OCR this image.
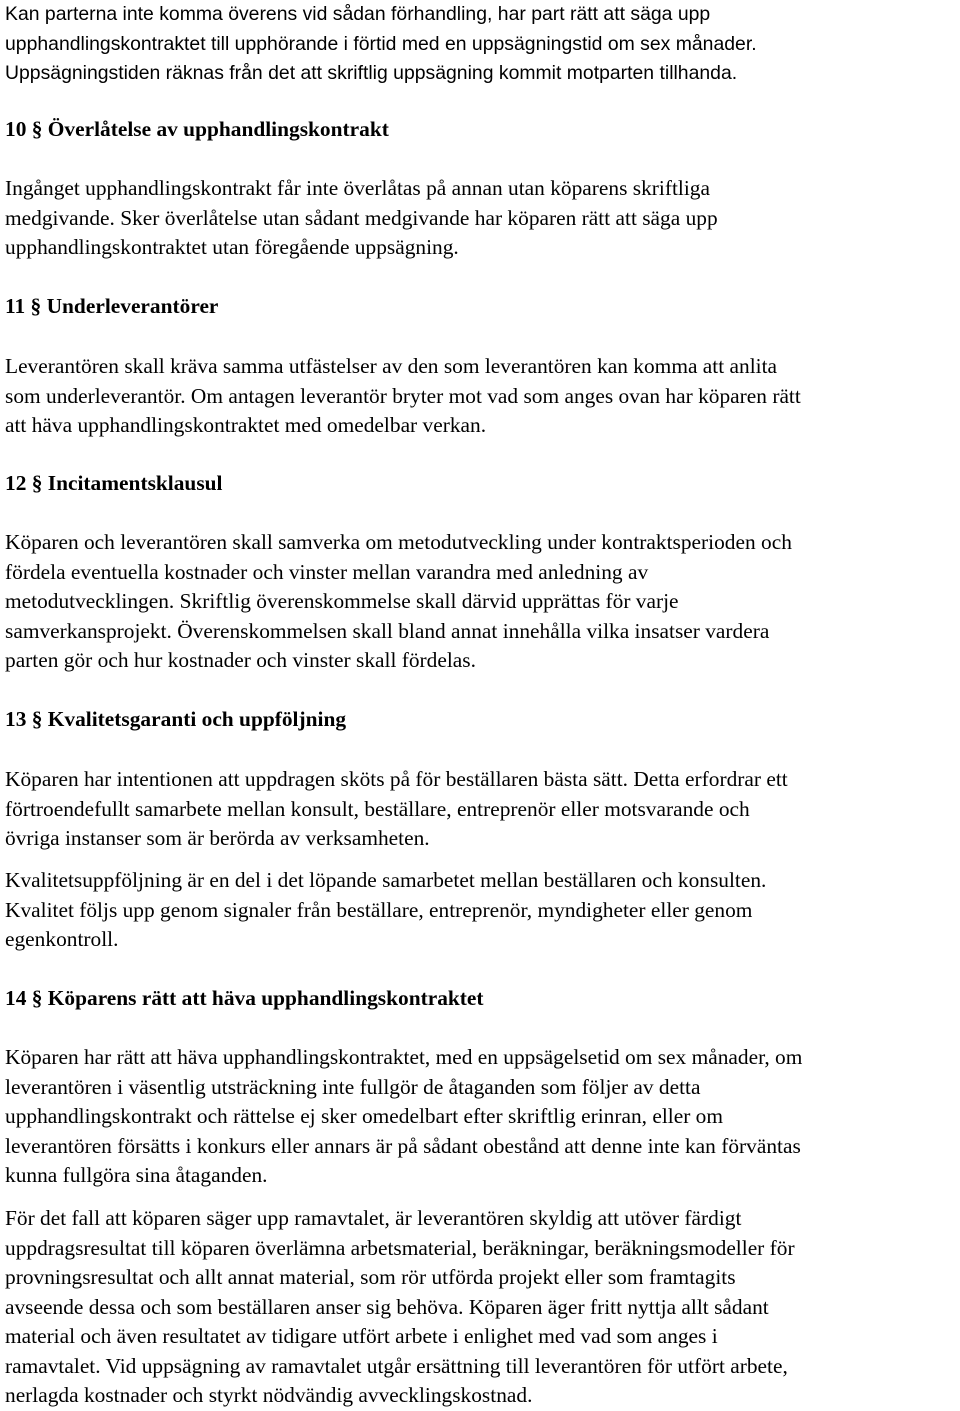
Kan parterna inte komma överens vid sådan förhandling, har part rätt att säga upp
upphandlingskontraktet till upphörande i förtid med en uppsägningstid om sex månader.
Uppsägningstiden räknas från det att skriftlig uppsägning kommit motparten tillhanda.
10 § Överlåtelse av upphandlingskontrakt
Ingånget upphandlingskontrakt får inte överlåtas på annan utan köparens skriftliga
medgivande. Sker överlåtelse utan sådant medgivande har köparen rätt att säga upp
upphandlingskontraktet utan föregående uppsägning.
11 § Underleverantörer
Leverantören skall kräva samma utfästelser av den som leverantören kan komma att anlita
som underleverantör. Om antagen leverantör bryter mot vad som anges ovan har köparen rätt
att häva upphandlingskontraktet med omedelbar verkan.
12 § Incitamentsklausul
Köparen och leverantören skall samverka om metodutveckling under kontraktsperioden och
fördela eventuella kostnader och vinster mellan varandra med anledning av
metodutvecklingen. Skriftlig överenskommelse skall därvid upprättas för varje
samverkansprojekt. Överenskommelsen skall bland annat innehålla vilka insatser vardera
parten gör och hur kostnader och vinster skall fördelas.
13 § Kvalitetsgaranti och uppföljning
Köparen har intentionen att uppdragen sköts på för beställaren bästa sätt. Detta erfordrar ett
förtroendefullt samarbete mellan konsult, beställare, entreprenör eller motsvarande och
övriga instanser som är berörda av verksamheten.
Kvalitetsuppföljning är en del i det löpande samarbetet mellan beställaren och konsulten.
Kvalitet följs upp genom signaler från beställare, entreprenör, myndigheter eller genom
egenkontroll.
14 § Köparens rätt att häva upphandlingskontraktet
Köparen har rätt att häva upphandlingskontraktet, med en uppsägelsetid om sex månader, om
leverantören i väsentlig utsträckning inte fullgör de åtaganden som följer av detta
upphandlingskontrakt och rättelse ej sker omedelbart efter skriftlig erinran, eller om
leverantören försätts i konkurs eller annars är på sådant obestånd att denne inte kan förväntas
kunna fullgöra sina åtaganden.
För det fall att köparen säger upp ramavtalet, är leverantören skyldig att utöver färdigt
uppdragsresultat till köparen överlämna arbetsmaterial, beräkningar, beräkningsmodeller för
provningsresultat och allt annat material, som rör utförda projekt eller som framtagits
avseende dessa och som beställaren anser sig behöva. Köparen äger fritt nyttja allt sådant
material och även resultatet av tidigare utfört arbete i enlighet med vad som anges i
ramavtalet. Vid uppsägning av ramavtalet utgår ersättning till leverantören för utfört arbete,
nerlagda kostnader och styrkt nödvändig avvecklingskostnad.
